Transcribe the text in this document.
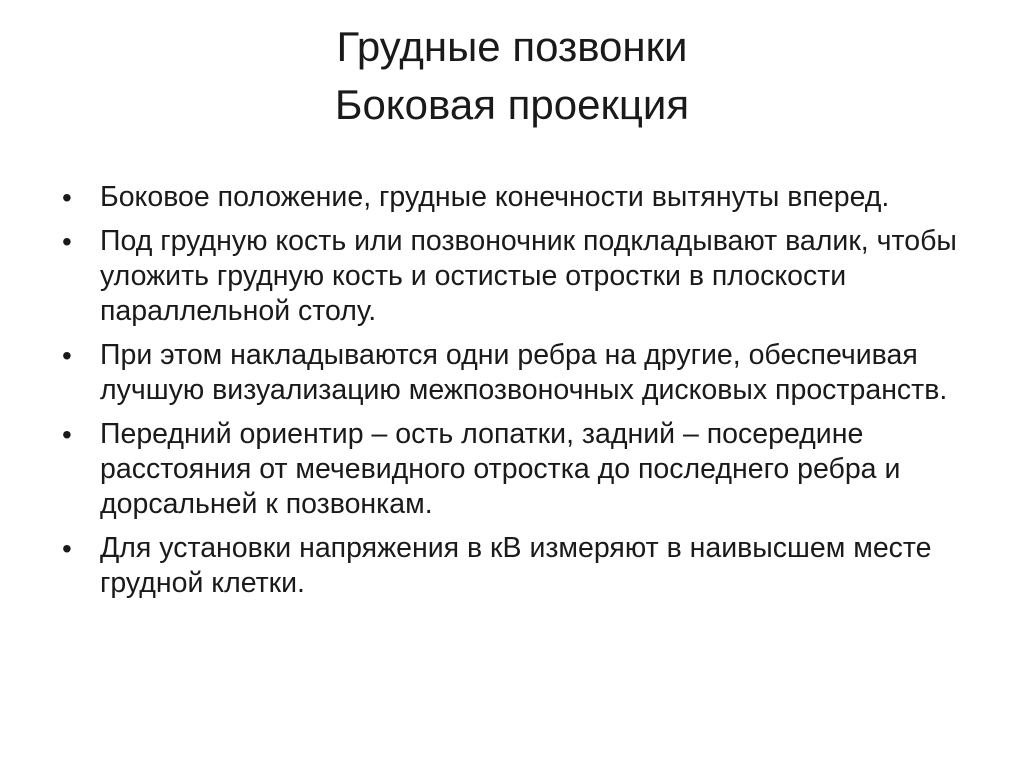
Грудные позвонки
Боковая проекция
• Боковое положение, грудные конечности вытянуты вперед.
• Под грудную кость или позвоночник подкладывают валик, чтобы уложить грудную кость и остистые отростки в плоскости параллельной столу.
• При этом накладываются одни ребра на другие, обеспечивая лучшую визуализацию межпозвоночных дисковых пространств.
• Передний ориентир – ость лопатки, задний – посередине расстояния от мечевидного отростка до последнего ребра и дорсальней к позвонкам.
• Для установки напряжения в кВ измеряют в наивысшем месте грудной клетки.
